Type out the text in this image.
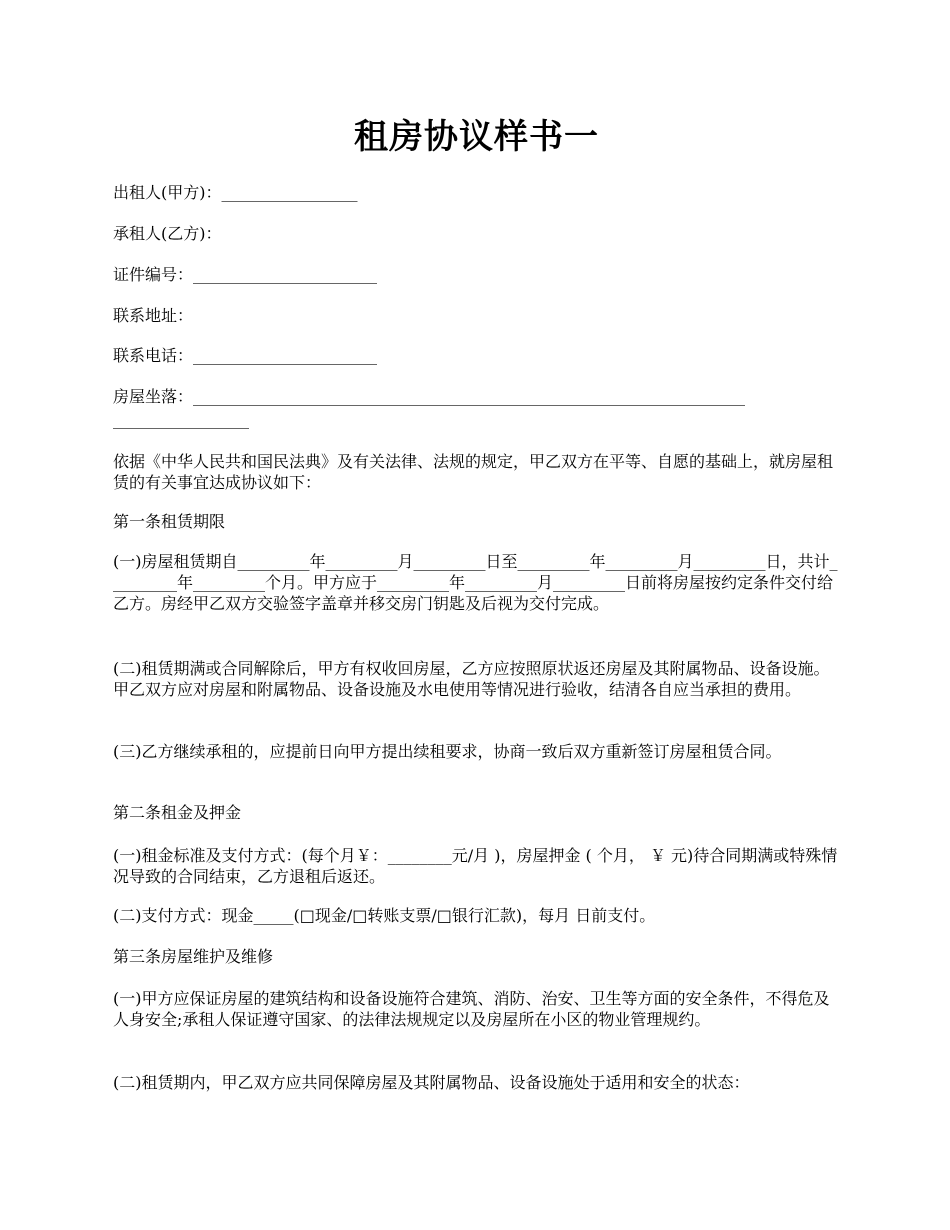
租房协议样书一

出租人(甲方)：_________________

承租人(乙方)：

证件编号：_______________________

联系地址：

联系电话：_______________________

房屋坐落：_____________________________________________________________________

_________________

依据《中华人民共和国民法典》及有关法律、法规的规定，甲乙双方在平等、自愿的基础上，就房屋租赁的有关事宜达成协议如下：

第一条租赁期限

(一)房屋租赁期自_________年_________月_________日至_________年_________月_________日，共计_________年_________个月。甲方应于_________年_________月_________日前将房屋按约定条件交付给乙方。房经甲乙双方交验签字盖章并移交房门钥匙及后视为交付完成。

(二)租赁期满或合同解除后，甲方有权收回房屋，乙方应按照原状返还房屋及其附属物品、设备设施。甲乙双方应对房屋和附属物品、设备设施及水电使用等情况进行验收，结清各自应当承担的费用。

(三)乙方继续承租的，应提前日向甲方提出续租要求，协商一致后双方重新签订房屋租赁合同。

第二条租金及押金

(一)租金标准及支付方式：(每个月￥：________元/月 )，房屋押金 ( 个月， ￥ 元)待合同期满或特殊情况导致的合同结束，乙方退租后返还。

(二)支付方式：现金_____(□现金/□转账支票/□银行汇款)，每月 日前支付。

第三条房屋维护及维修

(一)甲方应保证房屋的建筑结构和设备设施符合建筑、消防、治安、卫生等方面的安全条件，不得危及人身安全;承租人保证遵守国家、的法律法规规定以及房屋所在小区的物业管理规约。

(二)租赁期内，甲乙双方应共同保障房屋及其附属物品、设备设施处于适用和安全的状态：
